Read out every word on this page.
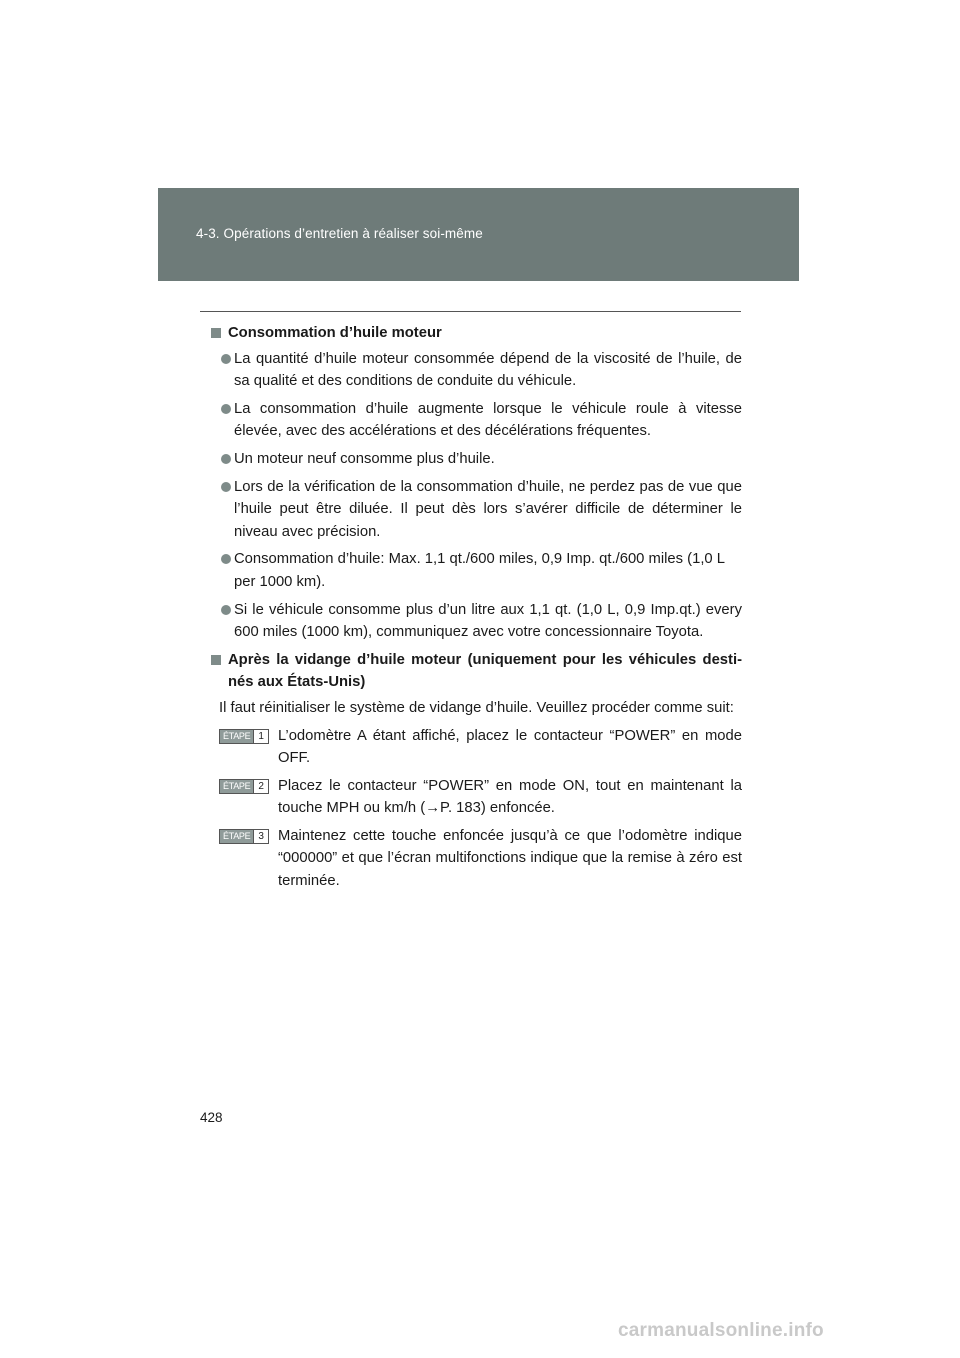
4-3. Opérations d’entretien à réaliser soi-même
Consommation d’huile moteur
La quantité d’huile moteur consommée dépend de la viscosité de l’huile, de sa qualité et des conditions de conduite du véhicule.
La consommation d’huile augmente lorsque le véhicule roule à vitesse élevée, avec des accélérations et des décélérations fréquentes.
Un moteur neuf consomme plus d’huile.
Lors de la vérification de la consommation d’huile, ne perdez pas de vue que l’huile peut être diluée. Il peut dès lors s’avérer difficile de déterminer le niveau avec précision.
Consommation d’huile: Max. 1,1 qt./600 miles, 0,9 Imp. qt./600 miles (1,0 L per 1000 km).
Si le véhicule consomme plus d’un litre aux 1,1 qt. (1,0 L, 0,9 Imp.qt.) every 600 miles (1000 km), communiquez avec votre concessionnaire Toyota.
Après la vidange d’huile moteur (uniquement pour les véhicules desti- nés aux États-Unis)
Il faut réinitialiser le système de vidange d’huile. Veuillez procéder comme suit:
ÉTAPE 1 L’odomètre A étant affiché, placez le contacteur “POWER” en mode OFF.
ÉTAPE 2 Placez le contacteur “POWER” en mode ON, tout en maintenant la touche MPH ou km/h (→P. 183) enfoncée.
ÉTAPE 3 Maintenez cette touche enfoncée jusqu’à ce que l’odomètre indique “000000” et que l’écran multifonctions indique que la remise à zéro est terminée.
428
carmanualsonline.info
